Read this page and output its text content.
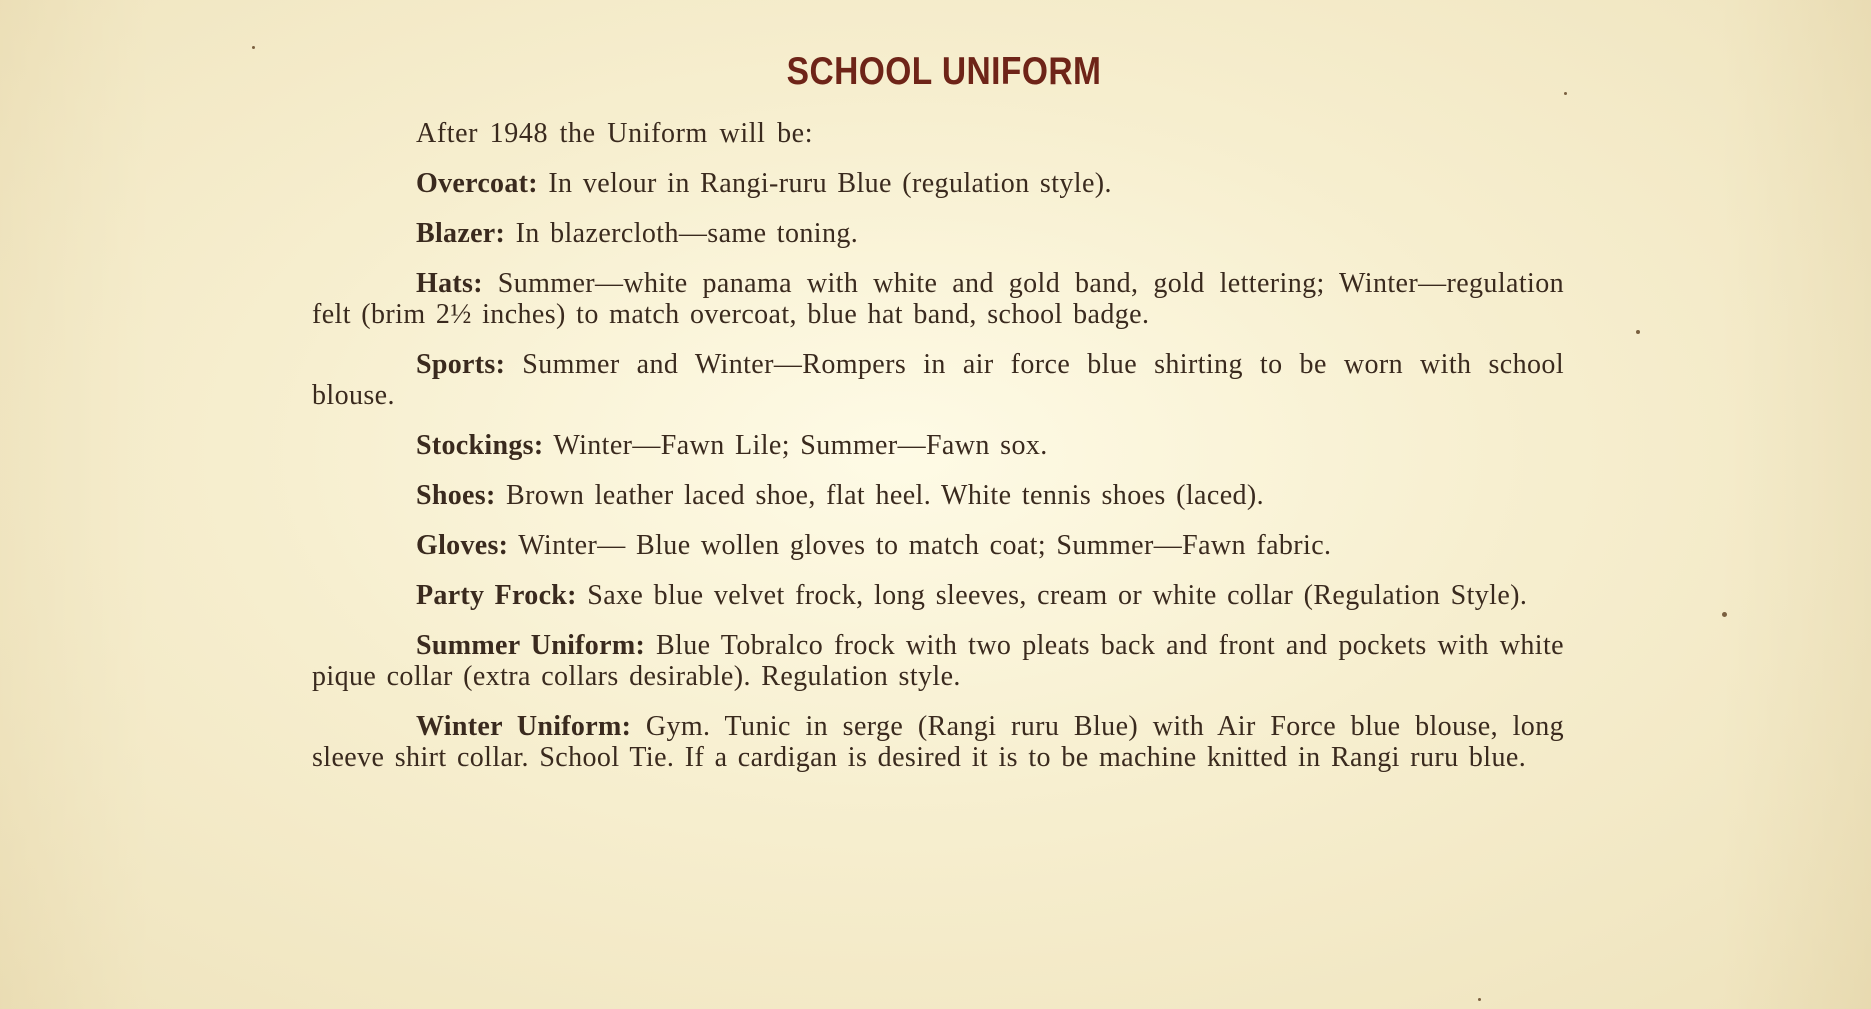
SCHOOL UNIFORM
After 1948 the Uniform will be:
Overcoat: In velour in Rangi-ruru Blue (regulation style).
Blazer: In blazercloth—same toning.
Hats: Summer—white panama with white and gold band, gold lettering; Winter—regulation felt (brim 2½ inches) to match overcoat, blue hat band, school badge.
Sports: Summer and Winter—Rompers in air force blue shirting to be worn with school blouse.
Stockings: Winter—Fawn Lile; Summer—Fawn sox.
Shoes: Brown leather laced shoe, flat heel. White tennis shoes (laced).
Gloves: Winter— Blue wollen gloves to match coat; Summer—Fawn fabric.
Party Frock: Saxe blue velvet frock, long sleeves, cream or white collar (Regulation Style).
Summer Uniform: Blue Tobralco frock with two pleats back and front and pockets with white pique collar (extra collars desirable). Regulation style.
Winter Uniform: Gym. Tunic in serge (Rangi ruru Blue) with Air Force blue blouse, long sleeve shirt collar. School Tie. If a cardigan is desired it is to be machine knitted in Rangi ruru blue.
